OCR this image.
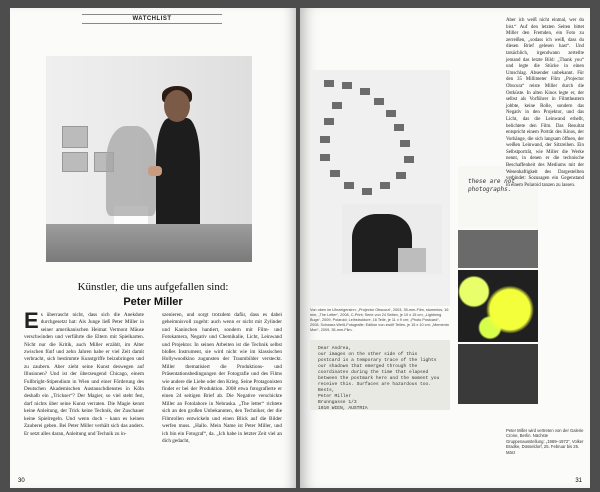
WATCHLIST
Künstler, die uns aufgefallen sind:
Peter Miller
E s überrascht nicht, dass sich die Anekdote durchgesetzt hat: Als Junge ließ Peter Miller in seiner amerikanischen Heimat Vermont Mäuse verschwinden und verführte die Eltern mit Spielkarten. Nicht nur die Kritik, auch Miller erzählt, im Alter zwischen fünf und zehn Jahren habe er viel Zeit damit verbracht, sich bestimmte Kunstgriffe beizubringen und zu zaubern. Aber zieht seine Kunst deswegen auf Illusionen? Und ist der überzeugend Chicago, einem Fullbright-Stipendium in Wien und einer Förderung des Deutschen Akademischen Austauschdienstes in Köln deshalb ein „Trickser“? Der Magier, so viel steht fest, darf nichts über seine Kunst verraten. Die Magie kennt keine Anleitung, der Trick keine Technik, der Zuschauer keine Spielregeln. Und wenn doch - kann es keinen Zauberei geben. Bei Peter Miller verhält sich das anders. Er setzt alles daran, Anleitung und Technik zu in-
szenieren, und sorgt trotzdem dafür, dass es dabei geheimnisvoll zugeht: auch wenn er nicht mit Zylinder und Kaninchen hantiert, sondern mit Film- und Fotokamera, Negativ und Chemikalie, Licht, Leinwand und Projektor. In seinen Arbeiten ist die Technik selbst bloßes Instrument, sie wird nicht wie im klassischen Hollywoodkino zugunsten der Traumbilder versteckt. Miller thematisiert die Produktions- und Präsentationsbedingungen der Fotografie und des Films wie andere die Liebe oder den Krieg. Seine Protagonisten findet er bei der Produktion. 2008 etwa fotografierte er einen 24 seitigen Brief ab. Die Negative verschickte Miller an Fotolabore in Nebraska. „The letter“ richtete sich an den großen Unbekannten, den Techniker, der die Filmrollen entwickeln und einen Blick auf die Bilder werfen muss. „Hallo. Mein Name ist Peter Miller, und ich bin ein Fotograf“, da. „Ich habe in letzter Zeit viel an dich gedacht,
30
Von oben im Uhrzeigersinn: „Projector Obscura“, 2003, 35-mm-Film, stummlos, 16 min; „The Letter“, 2008, C-Print; Serie von 24 Seiten, je 10 x 15 cm; „Lightning Bugs“, 2009, Polaroid; Leihstrukture, 16 Teile, je 11 x 9 cm; „Photo Postcard“, 2008, Schwarz-Weiß-Fotografie; Edition von zwölf Teilen, je 15 x 10 cm; „Memento Mori“, 2009, 35-mm-Film.
Dear Andrea,
our images on the other side of this postcard is a temporary trace of the lights our shadows that emerged through the coordinates during the time that elapsed between the postmark here and the moment you receive this. Surfaces are hazardous too.
Bests,
Peter Miller
Brunngasse 1/3
1010 WIEN, AUSTRIA
these are not photographs.
Aber ich weiß nicht einmal, wer du bist.“ Auf den letzten Seiten bittet Miller den Fremden, ein Foto zu zerreißen, „sodass ich weiß, dass du diesen Brief gelesen hast“. Und tatsächlich, irgendwann zerteilte jemand das letzte Bild: „Thank you“ und legte die Stücke in einen Umschlag. Absender unbekannt. Für den 35 Millimeter Film „Projector Obscura“ reiste Miller durch die Ostküste. In alten Kinos legte er, der selbst als Vorführer in Filmtheatern jobbte, keine Rolle, sondern das Negativ in den Projektor, und das Licht, das die Leinwand erhellt, belichtete den Film. Das Resultat entspricht einem Porträt des Kinos, der Vorhänge, die sich langsam öffnen, der weißen Leinwand, der Sitzreihen. Ein Selbstporträt, wie Miller die Werke nennt, in denen er die technische Beschaffenheit des Mediums mit der Wesenhaftigkeit des Dargestellten verbindet: Sozusagen ein Gegenstand in einem Polaroid tanzen zu lassen.
Peter Miller wird vertreten von der Galerie Crone, Berlin. Nächste Gruppenausstellung: „1969–1972“, Volker Bradke, Düsseldorf, 25. Februar bis 25. März
31
